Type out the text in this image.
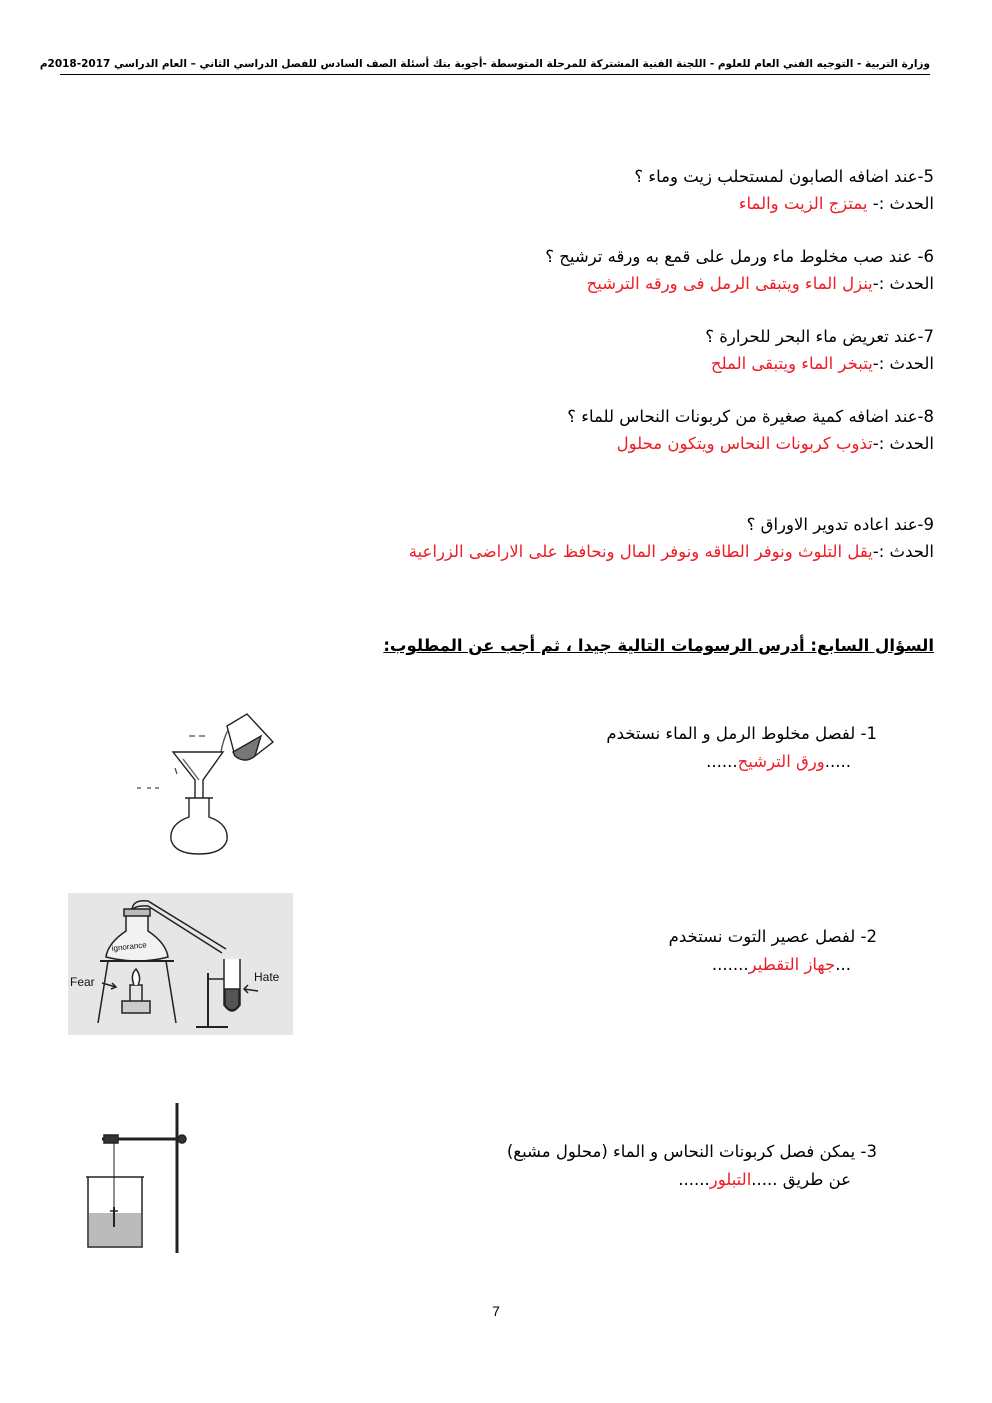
وزارة التربية - التوجيه الفني العام للعلوم - اللجنة الفنية المشتركة للمرحلة المتوسطة -أجوبة بنك أسئلة الصف السادس للفصل الدراسي الثاني – العام الدراسي 2017-2018م
5-عند اضافه الصابون لمستحلب زيت وماء ؟
الحدث :- يمتزج الزيت والماء
6- عند صب مخلوط ماء ورمل على قمع به ورقه ترشيح ؟
الحدث :-ينزل الماء ويتبقى الرمل فى ورقه الترشيح
7-عند تعريض ماء البحر للحرارة ؟
الحدث :-يتبخر الماء ويتبقى الملح
8-عند اضافه كمية صغيرة من كربونات النحاس للماء ؟
الحدث :-تذوب كربونات النحاس ويتكون محلول
9-عند اعاده تدوير الاوراق ؟
الحدث :-يقل التلوث ونوفر الطاقه ونوفر المال ونحافظ على الاراضى الزراعية
السؤال السابع: أدرس الرسومات التالية جيدا ، ثم أجب عن المطلوب:
1- لفصل مخلوط الرمل و الماء نستخدم
.....ورق الترشيح......
2- لفصل عصير التوت نستخدم
...جهاز التقطير.......
3- يمكن فصل كربونات النحاس و الماء (محلول مشبع)
عن طريق .....التبلور......
ignorance
Fear	Hate
7
